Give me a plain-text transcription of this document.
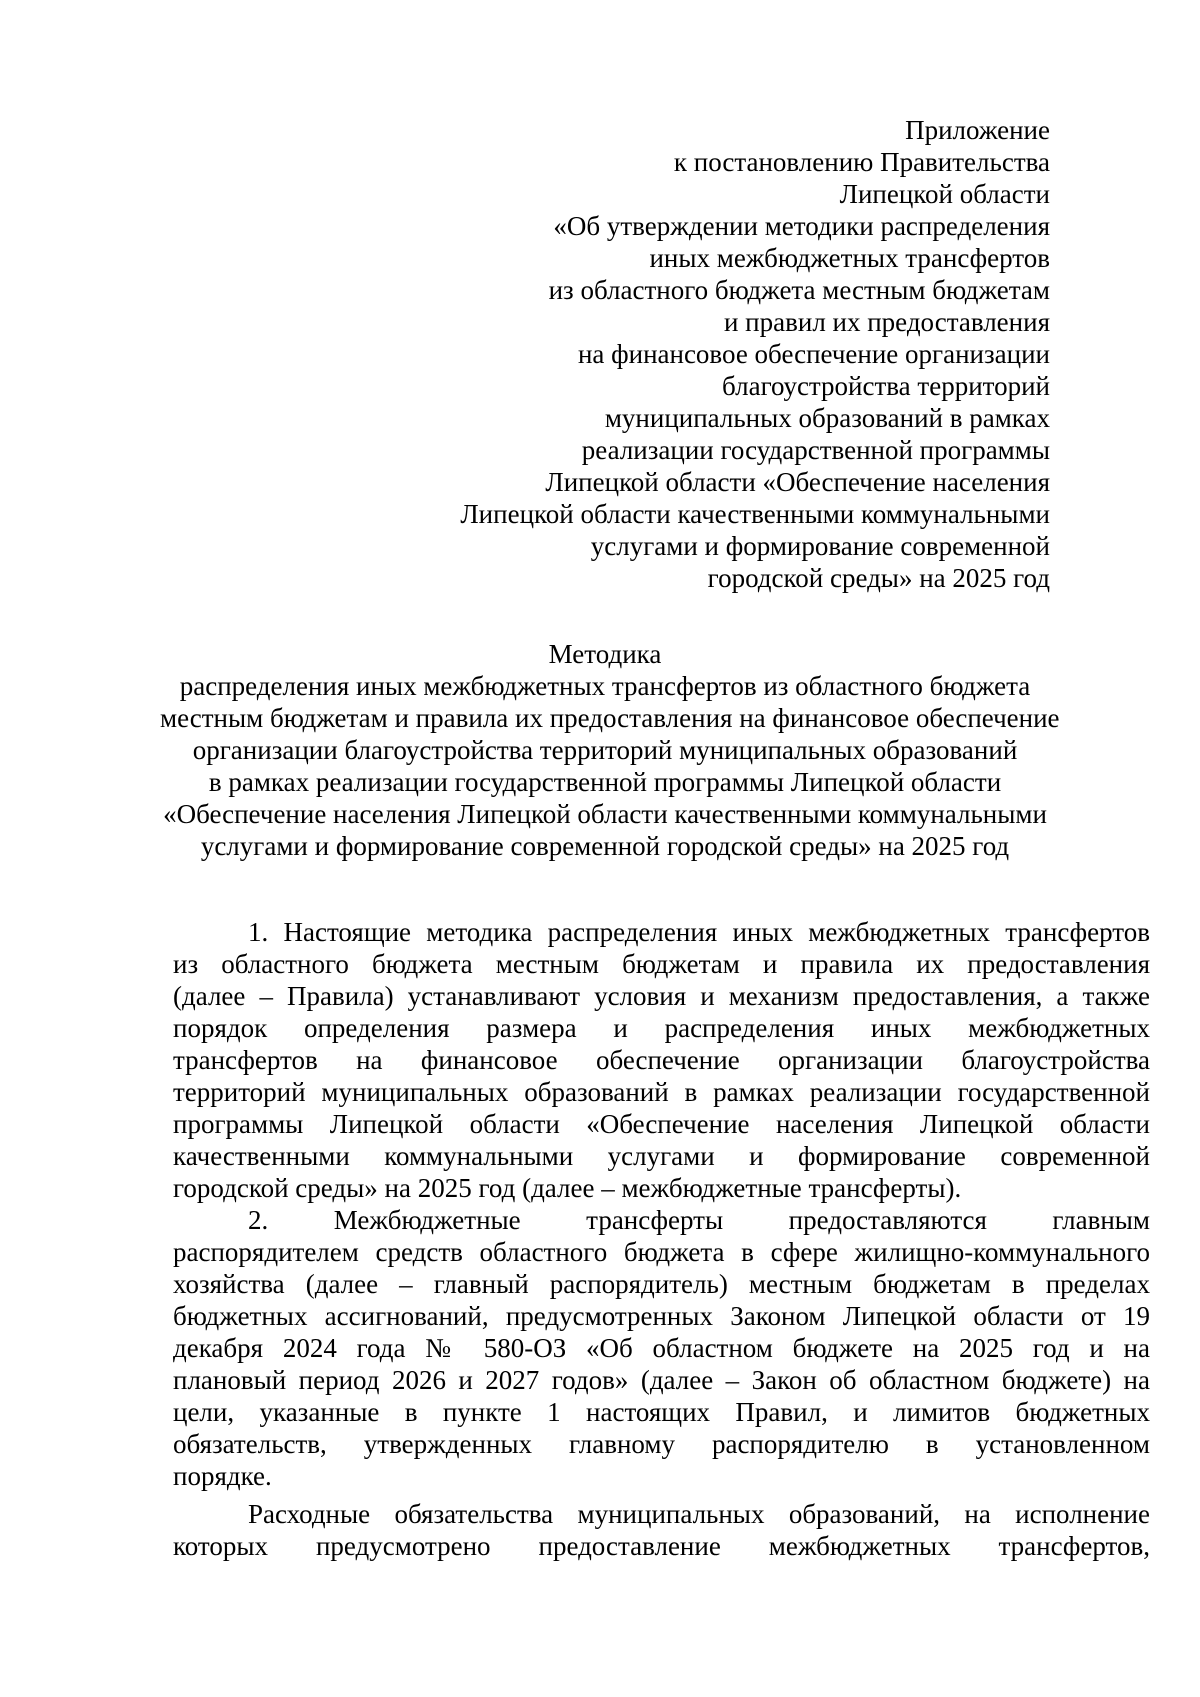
Приложение
к постановлению Правительства
Липецкой области
«Об утверждении методики распределения
иных межбюджетных трансфертов
из областного бюджета местным бюджетам
и правил их предоставления
на финансовое обеспечение организации
благоустройства территорий
муниципальных образований в рамках
реализации государственной программы
Липецкой области «Обеспечение населения
Липецкой области качественными коммунальными
услугами и формирование современной
городской среды» на 2025 год
Методика
распределения иных межбюджетных трансфертов из областного бюджета
местным бюджетам и правила их предоставления на финансовое обеспечение
организации благоустройства территорий муниципальных образований
в рамках реализации государственной программы Липецкой области
«Обеспечение населения Липецкой области качественными коммунальными
услугами и формирование современной городской среды» на 2025 год
1. Настоящие методика распределения иных межбюджетных трансфертов
из областного бюджета местным бюджетам и правила их предоставления
(далее – Правила) устанавливают условия и механизм предоставления, а также
порядок определения размера и распределения иных межбюджетных
трансфертов на финансовое обеспечение организации благоустройства
территорий муниципальных образований в рамках реализации государственной
программы Липецкой области «Обеспечение населения Липецкой области
качественными коммунальными услугами и формирование современной
городской среды» на 2025 год (далее – межбюджетные трансферты).
2. Межбюджетные трансферты предоставляются главным
распорядителем средств областного бюджета в сфере жилищно-коммунального
хозяйства (далее – главный распорядитель) местным бюджетам в пределах
бюджетных ассигнований, предусмотренных Законом Липецкой области от 19
декабря 2024 года № 580-ОЗ «Об областном бюджете на 2025 год и на
плановый период 2026 и 2027 годов» (далее – Закон об областном бюджете) на
цели, указанные в пункте 1 настоящих Правил, и лимитов бюджетных
обязательств, утвержденных главному распорядителю в установленном
порядке.
Расходные обязательства муниципальных образований, на исполнение
которых предусмотрено предоставление межбюджетных трансфертов,
